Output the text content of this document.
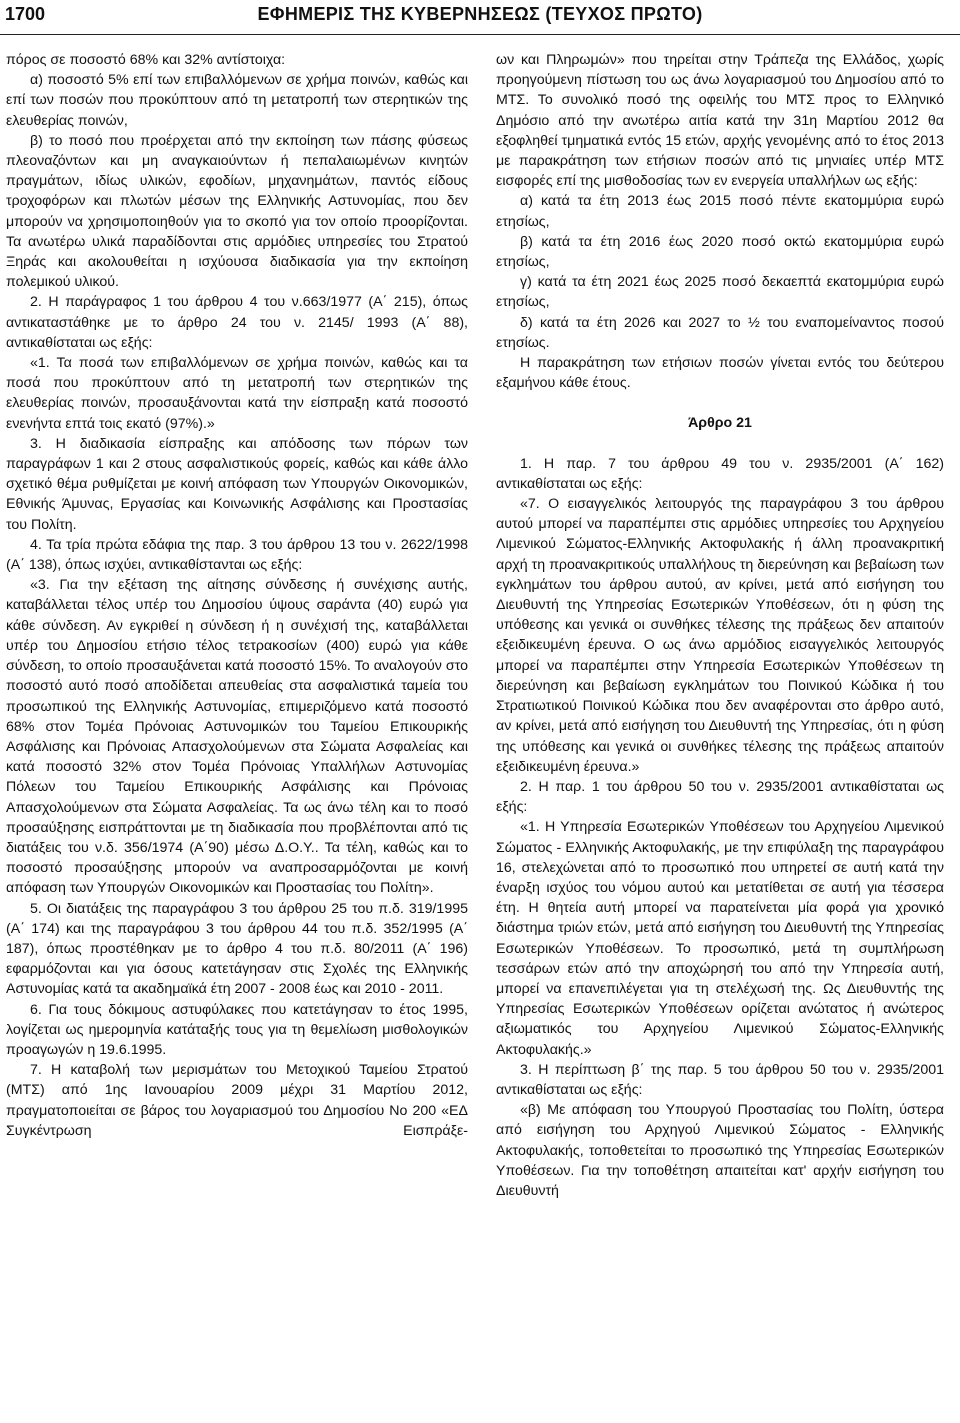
1700	ΕΦΗΜΕΡΙΣ ΤΗΣ ΚΥΒΕΡΝΗΣΕΩΣ (ΤΕΥΧΟΣ ΠΡΩΤΟ)

πόρος σε ποσοστό 68% και 32% αντίστοιχα:

α) ποσοστό 5% επί των επιβαλλόμενων σε χρήμα ποινών, καθώς και επί των ποσών που προκύπτουν από τη μετατροπή των στερητικών της ελευθερίας ποινών,

β) το ποσό που προέρχεται από την εκποίηση των πάσης φύσεως πλεοναζόντων και μη αναγκαιούντων ή πεπαλαιωμένων κινητών πραγμάτων, ιδίως υλικών, εφοδίων, μηχανημάτων, παντός είδους τροχοφόρων και πλωτών μέσων της Ελληνικής Αστυνομίας, που δεν μπορούν να χρησιμοποιηθούν για το σκοπό για τον οποίο προορίζονται. Τα ανωτέρω υλικά παραδίδονται στις αρμόδιες υπηρεσίες του Στρατού Ξηράς και ακολουθείται η ισχύουσα διαδικασία για την εκποίηση πολεμικού υλικού.

2. Η παράγραφος 1 του άρθρου 4 του ν.663/1977 (Α΄ 215), όπως αντικαταστάθηκε με το άρθρο 24 του ν. 2145/ 1993 (Α΄ 88), αντικαθίσταται ως εξής:

«1. Τα ποσά των επιβαλλόμενων σε χρήμα ποινών, καθώς και τα ποσά που προκύπτουν από τη μετατροπή των στερητικών της ελευθερίας ποινών, προσαυξάνονται κατά την είσπραξη κατά ποσοστό ενενήντα επτά τοις εκατό (97%).»

3. Η διαδικασία είσπραξης και απόδοσης των πόρων των παραγράφων 1 και 2 στους ασφαλιστικούς φορείς, καθώς και κάθε άλλο σχετικό θέμα ρυθμίζεται με κοινή απόφαση των Υπουργών Οικονομικών, Εθνικής Άμυνας, Εργασίας και Κοινωνικής Ασφάλισης και Προστασίας του Πολίτη.

4. Τα τρία πρώτα εδάφια της παρ. 3 του άρθρου 13 του ν. 2622/1998 (Α΄ 138), όπως ισχύει, αντικαθίστανται ως εξής:

«3. Για την εξέταση της αίτησης σύνδεσης ή συνέχισης αυτής, καταβάλλεται τέλος υπέρ του Δημοσίου ύψους σαράντα (40) ευρώ για κάθε σύνδεση. Αν εγκριθεί η σύνδεση ή η συνέχισή της, καταβάλλεται υπέρ του Δημοσίου ετήσιο τέλος τετρακοσίων (400) ευρώ για κάθε σύνδεση, το οποίο προσαυξάνεται κατά ποσοστό 15%. Το αναλογούν στο ποσοστό αυτό ποσό αποδίδεται απευθείας στα ασφαλιστικά ταμεία του προσωπικού της Ελληνικής Αστυνομίας, επιμεριζόμενο κατά ποσοστό 68% στον Τομέα Πρόνοιας Αστυνομικών του Ταμείου Επικουρικής Ασφάλισης και Πρόνοιας Απασχολούμενων στα Σώματα Ασφαλείας και κατά ποσοστό 32% στον Τομέα Πρόνοιας Υπαλλήλων Αστυνομίας Πόλεων του Ταμείου Επικουρικής Ασφάλισης και Πρόνοιας Απασχολούμενων στα Σώματα Ασφαλείας. Τα ως άνω τέλη και το ποσό προσαύξησης εισπράττονται με τη διαδικασία που προβλέπονται από τις διατάξεις του ν.δ. 356/1974 (Α΄90) μέσω Δ.Ο.Υ.. Τα τέλη, καθώς και το ποσοστό προσαύξησης μπορούν να αναπροσαρμόζονται με κοινή απόφαση των Υπουργών Οικονομικών και Προστασίας του Πολίτη».

5. Οι διατάξεις της παραγράφου 3 του άρθρου 25 του π.δ. 319/1995 (Α΄ 174) και της παραγράφου 3 του άρθρου 44 του π.δ. 352/1995 (Α΄ 187), όπως προστέθηκαν με το άρθρο 4 του π.δ. 80/2011 (Α΄ 196) εφαρμόζονται και για όσους κατετάγησαν στις Σχολές της Ελληνικής Αστυνομίας κατά τα ακαδημαϊκά έτη 2007 - 2008 έως και 2010 - 2011.

6. Για τους δόκιμους αστυφύλακες που κατετάγησαν το έτος 1995, λογίζεται ως ημερομηνία κατάταξής τους για τη θεμελίωση μισθολογικών προαγωγών η 19.6.1995.

7. Η καταβολή των μερισμάτων του Μετοχικού Ταμείου Στρατού (ΜΤΣ) από 1ης Ιανουαρίου 2009 μέχρι 31 Μαρτίου 2012, πραγματοποιείται σε βάρος του λογαριασμού του Δημοσίου Νο 200 «ΕΔ Συγκέντρωση Εισπράξε-

ων και Πληρωμών» που τηρείται στην Τράπεζα της Ελλάδος, χωρίς προηγούμενη πίστωση του ως άνω λογαριασμού του Δημοσίου από το ΜΤΣ. Το συνολικό ποσό της οφειλής του ΜΤΣ προς το Ελληνικό Δημόσιο από την ανωτέρω αιτία κατά την 31η Μαρτίου 2012 θα εξοφληθεί τμηματικά εντός 15 ετών, αρχής γενομένης από το έτος 2013 με παρακράτηση των ετήσιων ποσών από τις μηνιαίες υπέρ ΜΤΣ εισφορές επί της μισθοδοσίας των εν ενεργεία υπαλλήλων ως εξής:

α) κατά τα έτη 2013 έως 2015 ποσό πέντε εκατομμύρια ευρώ ετησίως,

β) κατά τα έτη 2016 έως 2020 ποσό οκτώ εκατομμύρια ευρώ ετησίως,

γ) κατά τα έτη 2021 έως 2025 ποσό δεκαεπτά εκατομμύρια ευρώ ετησίως,

δ) κατά τα έτη 2026 και 2027 το ½ του εναπομείναντος ποσού ετησίως.

Η παρακράτηση των ετήσιων ποσών γίνεται εντός του δεύτερου εξαμήνου κάθε έτους.

Άρθρο 21

1. Η παρ. 7 του άρθρου 49 του ν. 2935/2001 (Α΄ 162) αντικαθίσταται ως εξής:

«7. Ο εισαγγελικός λειτουργός της παραγράφου 3 του άρθρου αυτού μπορεί να παραπέμπει στις αρμόδιες υπηρεσίες του Αρχηγείου Λιμενικού Σώματος-Ελληνικής Ακτοφυλακής ή άλλη προανακριτική αρχή τη προανακριτικούς υπαλλήλους τη διερεύνηση και βεβαίωση των εγκλημάτων του άρθρου αυτού, αν κρίνει, μετά από εισήγηση του Διευθυντή της Υπηρεσίας Εσωτερικών Υποθέσεων, ότι η φύση της υπόθεσης και γενικά οι συνθήκες τέλεσης της πράξεως δεν απαιτούν εξειδικευμένη έρευνα. Ο ως άνω αρμόδιος εισαγγελικός λειτουργός μπορεί να παραπέμπει στην Υπηρεσία Εσωτερικών Υποθέσεων τη διερεύνηση και βεβαίωση εγκλημάτων του Ποινικού Κώδικα ή του Στρατιωτικού Ποινικού Κώδικα που δεν αναφέρονται στο άρθρο αυτό, αν κρίνει, μετά από εισήγηση του Διευθυντή της Υπηρεσίας, ότι η φύση της υπόθεσης και γενικά οι συνθήκες τέλεσης της πράξεως απαιτούν εξειδικευμένη έρευνα.»

2. Η παρ. 1 του άρθρου 50 του ν. 2935/2001 αντικαθίσταται ως εξής:

«1. Η Υπηρεσία Εσωτερικών Υποθέσεων του Αρχηγείου Λιμενικού Σώματος - Ελληνικής Ακτοφυλακής, με την επιφύλαξη της παραγράφου 16, στελεχώνεται από το προσωπικό που υπηρετεί σε αυτή κατά την έναρξη ισχύος του νόμου αυτού και μετατίθεται σε αυτή για τέσσερα έτη. Η θητεία αυτή μπορεί να παρατείνεται μία φορά για χρονικό διάστημα τριών ετών, μετά από εισήγηση του Διευθυντή της Υπηρεσίας Εσωτερικών Υποθέσεων. Το προσωπικό, μετά τη συμπλήρωση τεσσάρων ετών από την αποχώρησή του από την Υπηρεσία αυτή, μπορεί να επανεπιλέγεται για τη στελέχωσή της. Ως Διευθυντής της Υπηρεσίας Εσωτερικών Υποθέσεων ορίζεται ανώτατος ή ανώτερος αξιωματικός του Αρχηγείου Λιμενικού Σώματος-Ελληνικής Ακτοφυλακής.»

3. Η περίπτωση β΄ της παρ. 5 του άρθρου 50 του ν. 2935/2001 αντικαθίσταται ως εξής:

«β) Με απόφαση του Υπουργού Προστασίας του Πολίτη, ύστερα από εισήγηση του Αρχηγού Λιμενικού Σώματος - Ελληνικής Ακτοφυλακής, τοποθετείται το προσωπικό της Υπηρεσίας Εσωτερικών Υποθέσεων. Για την τοποθέτηση απαιτείται κατ' αρχήν εισήγηση του Διευθυντή
